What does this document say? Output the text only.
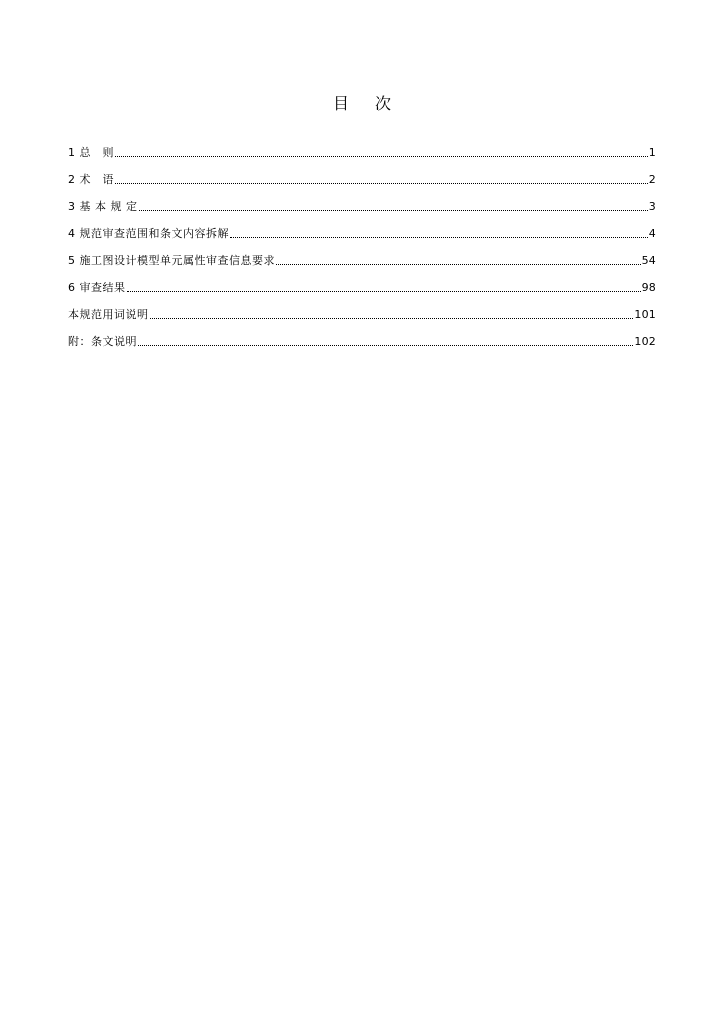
目 次
1 总　则	1
2 术　语	2
3 基 本 规 定	3
4 规范审查范围和条文内容拆解	4
5 施工图设计模型单元属性审查信息要求	54
6 审查结果	98
本规范用词说明	101
附：条文说明	102
